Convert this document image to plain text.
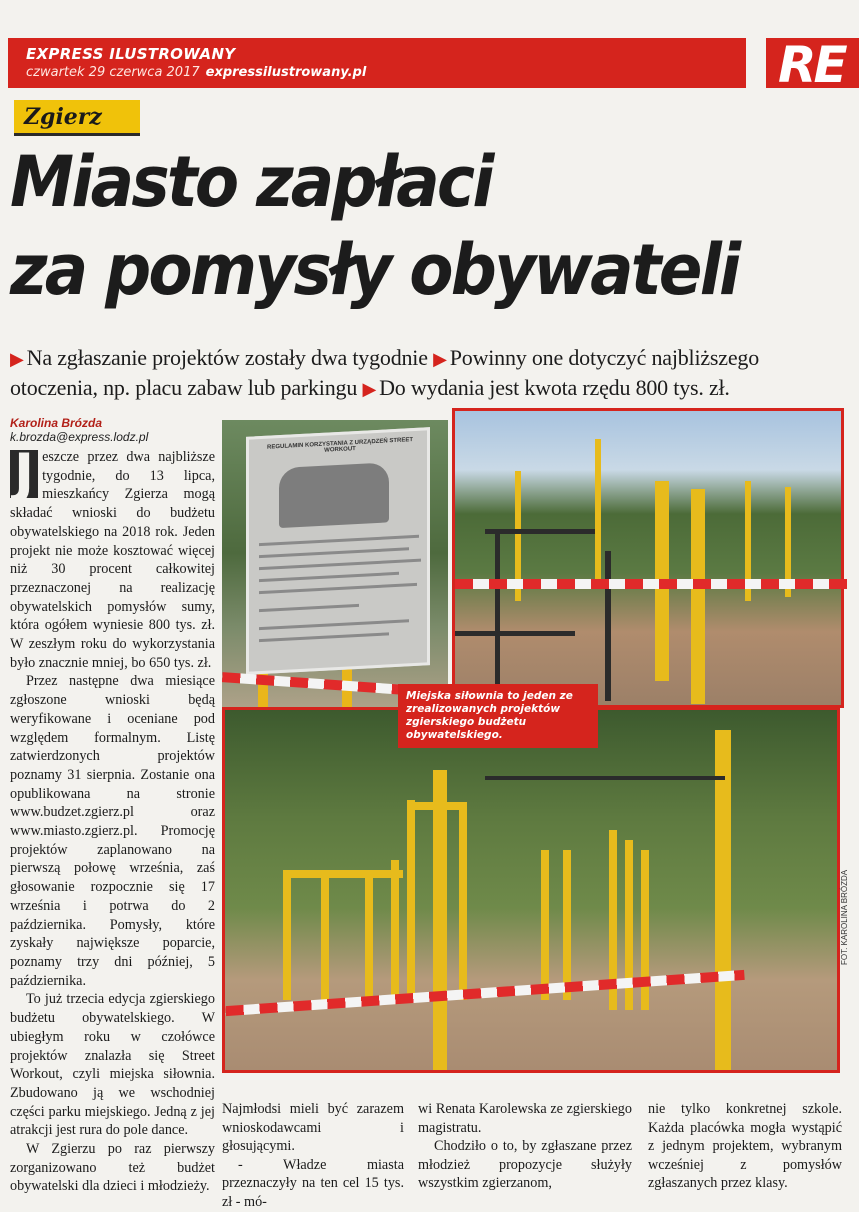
EXPRESS ILUSTROWANY
czwartek 29 czerwca 2017 expressilustrowany.pl	RE
Zgierz
Miasto zapłaci
za pomysły obywateli
▶ Na zgłaszanie projektów zostały dwa tygodnie ▶ Powinny one dotyczyć najbliższego otoczenia, np. placu zabaw lub parkingu ▶ Do wydania jest kwota rzędu 800 tys. zł.
Karolina Brózda
k.brozda@express.lodz.pl

J eszcze przez dwa najbliższe tygodnie, do 13 lipca, mieszkańcy Zgierza mogą składać wnioski do budżetu obywatelskiego na 2018 rok. Jeden projekt nie może kosztować więcej niż 30 procent całkowitej przeznaczonej na realizację obywatelskich pomysłów sumy, która ogółem wyniesie 800 tys. zł. W zeszłym roku do wykorzystania było znacznie mniej, bo 650 tys. zł.

Przez następne dwa miesiące zgłoszone wnioski będą weryfikowane i oceniane pod względem formalnym. Listę zatwierdzonych projektów poznamy 31 sierpnia. Zostanie ona opublikowana na stronie www.budzet.zgierz.pl oraz www.miasto.zgierz.pl. Promocję projektów zaplanowano na pierwszą połowę września, zaś głosowanie rozpocznie się 17 września i potrwa do 2 października. Pomysły, które zyskały największe poparcie, poznamy trzy dni później, 5 października.

To już trzecia edycja zgierskiego budżetu obywatelskiego. W ubiegłym roku w czołówce projektów znalazła się Street Workout, czyli miejska siłownia. Zbudowano ją we wschodniej części parku miejskiego. Jedną z jej atrakcji jest rura do pole dance.

W Zgierzu po raz pierwszy zorganizowano też budżet obywatelski dla dzieci i młodzieży.

REGULAMIN KORZYSTANIA Z URZĄDZEŃ STREET WORKOUT
Miejska siłownia to jeden ze zrealizowanych projektów zgierskiego budżetu obywatelskiego.
FOT. KAROLINA BRÓZDA

Najmłodsi mieli być zarazem wnioskodawcami i głosującymi.

- Władze miasta przeznaczyły na ten cel 15 tys. zł - mó-

wi Renata Karolewska ze zgierskiego magistratu.

Chodziło o to, by zgłaszane przez młodzież propozycje służyły wszystkim zgierzanom,

nie tylko konkretnej szkole. Każda placówka mogła wystąpić z jednym projektem, wybranym wcześniej z pomysłów zgłaszanych przez klasy.
